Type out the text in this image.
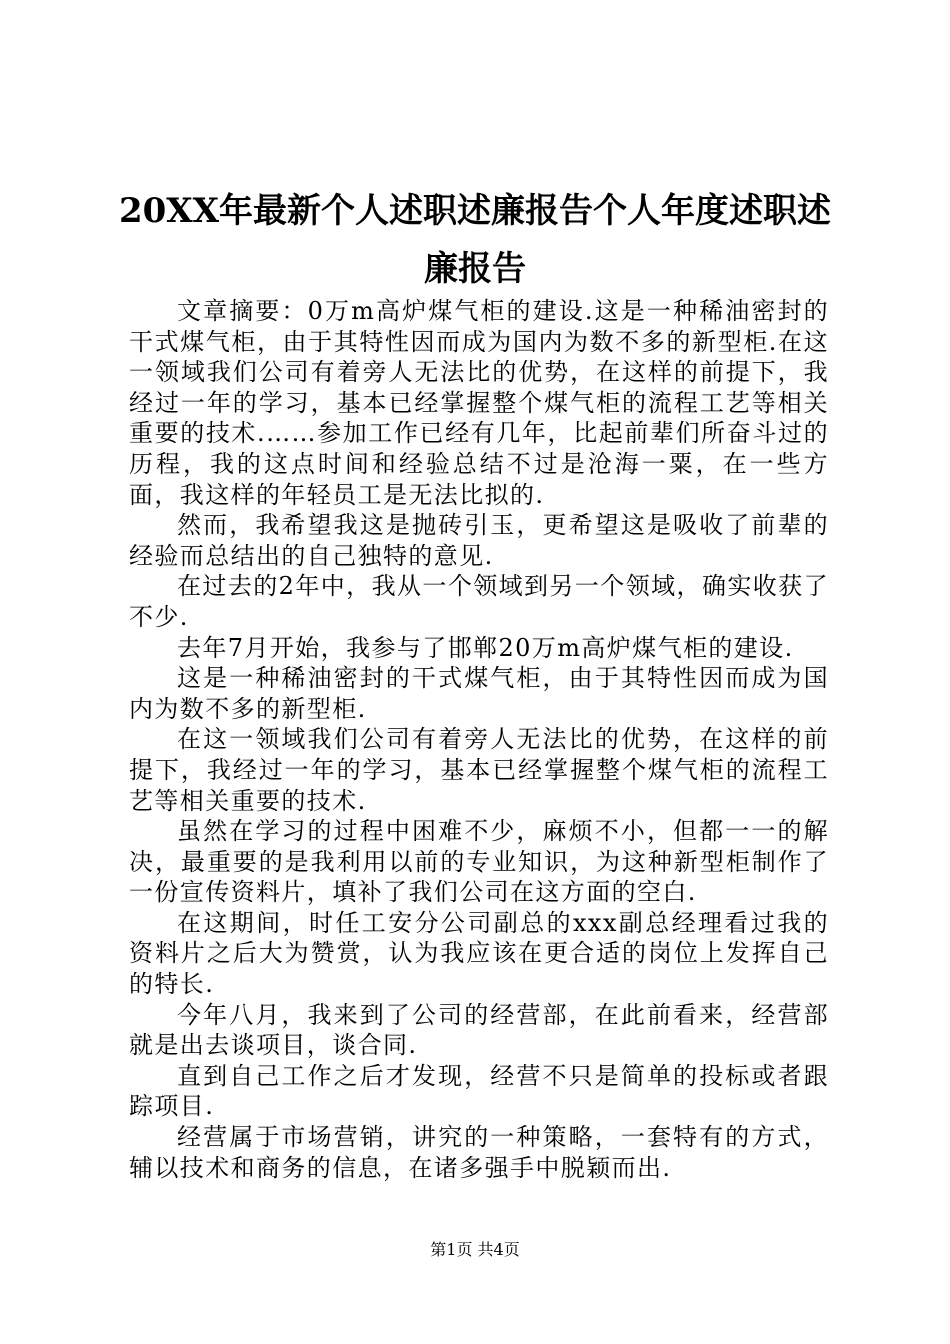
20XX年最新个人述职述廉报告个人年度述职述廉报告

文章摘要：0万m高炉煤气柜的建设.这是一种稀油密封的干式煤气柜，由于其特性因而成为国内为数不多的新型柜.在这一领域我们公司有着旁人无法比的优势，在这样的前提下，我经过一年的学习，基本已经掌握整个煤气柜的流程工艺等相关重要的技术.……参加工作已经有几年，比起前辈们所奋斗过的历程，我的这点时间和经验总结不过是沧海一粟，在一些方面，我这样的年轻员工是无法比拟的.

然而，我希望我这是抛砖引玉，更希望这是吸收了前辈的经验而总结出的自己独特的意见.

在过去的2年中，我从一个领域到另一个领域，确实收获了不少.

去年7月开始，我参与了邯郸20万m高炉煤气柜的建设.

这是一种稀油密封的干式煤气柜，由于其特性因而成为国内为数不多的新型柜.

在这一领域我们公司有着旁人无法比的优势，在这样的前提下，我经过一年的学习，基本已经掌握整个煤气柜的流程工艺等相关重要的技术.

虽然在学习的过程中困难不少，麻烦不小，但都一一的解决，最重要的是我利用以前的专业知识，为这种新型柜制作了一份宣传资料片，填补了我们公司在这方面的空白.

在这期间，时任工安分公司副总的xxx副总经理看过我的资料片之后大为赞赏，认为我应该在更合适的岗位上发挥自己的特长.

今年八月，我来到了公司的经营部，在此前看来，经营部就是出去谈项目，谈合同.

直到自己工作之后才发现，经营不只是简单的投标或者跟踪项目.

经营属于市场营销，讲究的一种策略，一套特有的方式，辅以技术和商务的信息，在诸多强手中脱颖而出.

第1页 共4页
